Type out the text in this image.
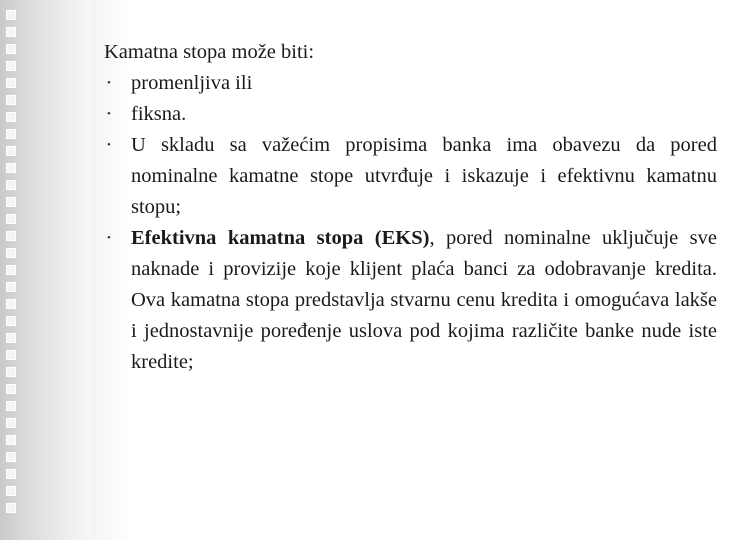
Kamatna stopa može biti:

• promenljiva ili
• fiksna.
• U skladu sa važećim propisima banka ima obavezu da pored nominalne kamatne stope utvrđuje i iskazuje i efektivnu kamatnu stopu;
• Efektivna kamatna stopa (EKS), pored nominalne uključuje sve naknade i provizije koje klijent plaća banci za odobravanje kredita. Ova kamatna stopa predstavlja stvarnu cenu kredita i omogućava lakše i jednostavnije poređenje uslova pod kojima različite banke nude iste kredite;
